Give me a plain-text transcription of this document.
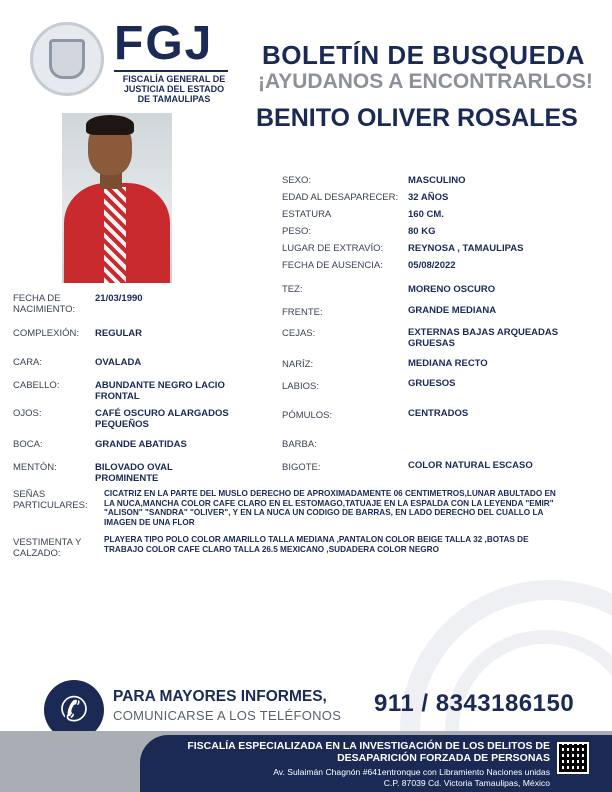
FGJ
FISCALÍA GENERAL DE
JUSTICIA DEL ESTADO
DE TAMAULIPAS
BOLETÍN DE BUSQUEDA
¡AYUDANOS A ENCONTRARLOS!
BENITO OLIVER ROSALES
SEXO:	MASCULINO
EDAD AL DESAPARECER: 32 AÑOS
ESTATURA	160 CM.
PESO:	80 KG
LUGAR DE EXTRAVÍO:	REYNOSA , TAMAULIPAS
FECHA DE AUSENCIA:	05/08/2022
FECHA DE NACIMIENTO:
21/03/1990
COMPLEXIÓN: REGULAR
CARA:	OVALADA
CABELLO:	ABUNDANTE NEGRO LACIO FRONTAL
OJOS:	CAFÉ OSCURO ALARGADOS PEQUEÑOS
BOCA:	GRANDE ABATIDAS
MENTÓN:	BILOVADO OVAL PROMINENTE
TEZ:	MORENO OSCURO
FRENTE:	GRANDE MEDIANA
CEJAS:	EXTERNAS BAJAS ARQUEADAS GRUESAS
NARÍZ:	MEDIANA RECTO
LABIOS:	GRUESOS
PÓMULOS:	CENTRADOS
BARBA:
BIGOTE:	COLOR NATURAL ESCASO
SEÑAS PARTICULARES:
CICATRIZ EN LA PARTE DEL MUSLO DERECHO DE APROXIMADAMENTE 06 CENTIMETROS,LUNAR ABULTADO EN LA NUCA,MANCHA COLOR CAFE CLARO EN EL ESTOMAGO,TATUAJE EN LA ESPALDA CON LA LEYENDA "EMIR" "ALISON" "SANDRA" "OLIVER", Y EN LA NUCA UN CODIGO DE BARRAS, EN LADO DERECHO DEL CUALLO LA IMAGEN DE UNA FLOR
VESTIMENTA Y CALZADO:
PLAYERA TIPO POLO COLOR AMARILLO TALLA MEDIANA ,PANTALON COLOR BEIGE TALLA 32 ,BOTAS DE TRABAJO COLOR CAFE CLARO TALLA 26.5 MEXICANO ,SUDADERA COLOR NEGRO
✆	PARA MAYORES INFORMES,
COMUNICARSE A LOS TELÉFONOS 911 / 8343186150
FISCALÍA ESPECIALIZADA EN LA INVESTIGACIÓN DE LOS DELITOS DE
DESAPARICIÓN FORZADA DE PERSONAS
Av. Sulaimán Chagnón #641entronque con Libramiento Naciones unidas
C.P. 87039 Cd. Victoria Tamaulipas, México
